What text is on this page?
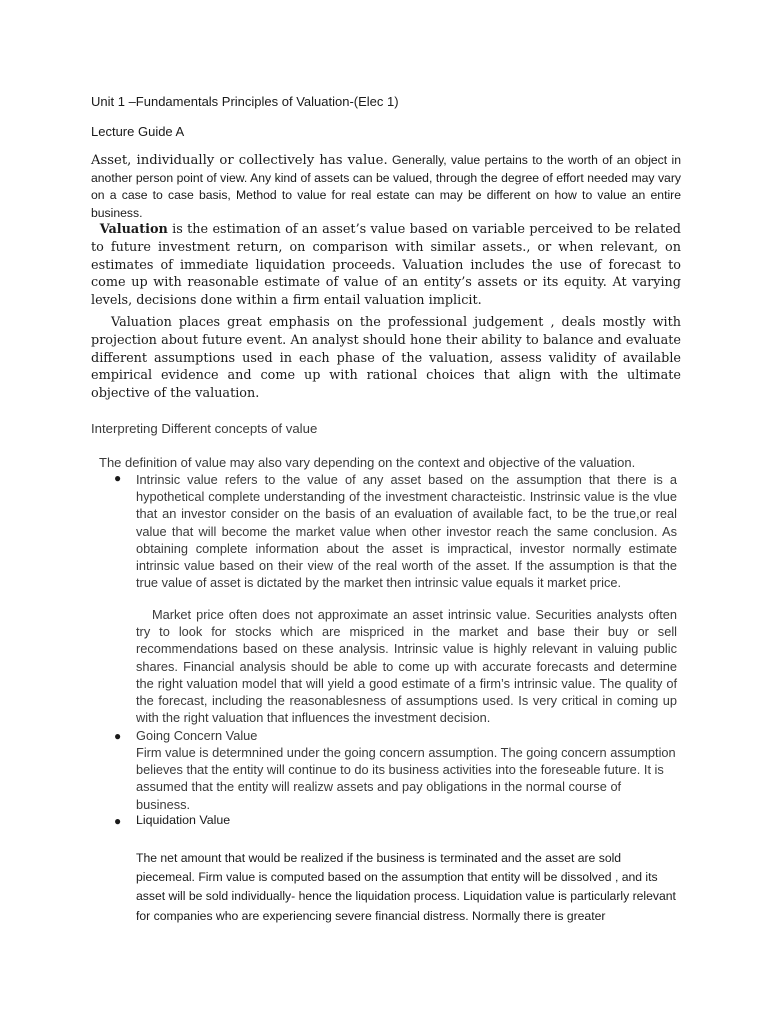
Unit 1 –Fundamentals Principles of Valuation-(Elec 1)
Lecture Guide A
Asset, individually or collectively has value. Generally, value pertains to the worth of an object in another person point of view. Any kind of assets can be valued, through the degree of effort needed may vary on a case to case basis, Method to value for real estate can may be different on how to value an entire business.
Valuation is the estimation of an asset’s value based on variable perceived to be related to future investment return, on comparison with similar assets., or when relevant, on estimates of immediate liquidation proceeds. Valuation includes the use of forecast to come up with reasonable estimate of value of an entity’s assets or its equity. At varying levels, decisions done within a firm entail valuation implicit.
Valuation places great emphasis on the professional judgement , deals mostly with projection about future event. An analyst should hone their ability to balance and evaluate different assumptions used in each phase of the valuation, assess validity of available empirical evidence and come up with rational choices that align with the ultimate objective of the valuation.
Interpreting Different concepts of value
The definition of value may also vary depending on the context and objective of the valuation.
● Intrinsic value refers to the value of any asset based on the assumption that there is a hypothetical complete understanding of the investment characteistic. Instrinsic value is the vlue that an investor consider on the basis of an evaluation of available fact, to be the true,or real value that will become the market value when other investor reach the same conclusion. As obtaining complete information about the asset is impractical, investor normally estimate intrinsic value based on their view of the real worth of the asset. If the assumption is that the true value of asset is dictated by the market then intrinsic value equals it market price.
Market price often does not approximate an asset intrinsic value. Securities analysts often try to look for stocks which are mispriced in the market and base their buy or sell recommendations based on these analysis. Intrinsic value is highly relevant in valuing public shares. Financial analysis should be able to come up with accurate forecasts and determine the right valuation model that will yield a good estimate of a firm’s intrinsic value. The quality of the forecast, including the reasonablesness of assumptions used. Is very critical in coming up with the right valuation that influences the investment decision.
● Going Concern Value
Firm value is determnined under the going concern assumption. The going concern assumption believes that the entity will continue to do its business activities into the foreseable future. It is assumed that the entity will realizw assets and pay obligations in the normal course of business.
● Liquidation Value
The net amount that would be realized if the business is terminated and the asset are sold piecemeal. Firm value is computed based on the assumption that entity will be dissolved , and its asset will be sold individually- hence the liquidation process. Liquidation value is particularly relevant for companies who are experiencing severe financial distress. Normally there is greater
